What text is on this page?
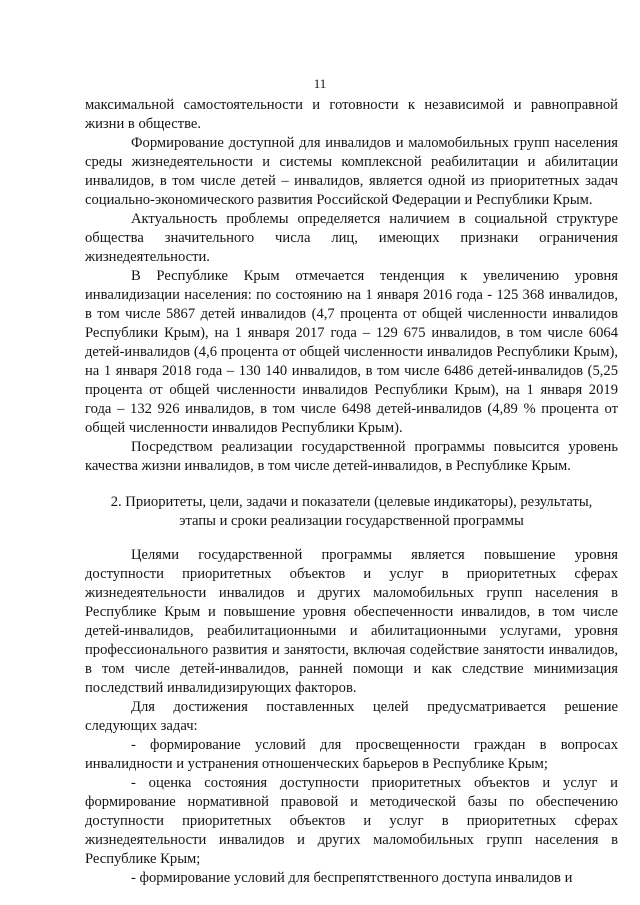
11

максимальной самостоятельности и готовности к независимой и равноправной жизни в обществе.

Формирование доступной для инвалидов и маломобильных групп населения среды жизнедеятельности и системы комплексной реабилитации и абилитации инвалидов, в том числе детей – инвалидов, является одной из приоритетных задач социально-экономического развития Российской Федерации и Республики Крым.

Актуальность проблемы определяется наличием в социальной структуре общества значительного числа лиц, имеющих признаки ограничения жизнедеятельности.

В Республике Крым отмечается тенденция к увеличению уровня инвалидизации населения: по состоянию на 1 января 2016 года - 125 368 инвалидов, в том числе 5867 детей инвалидов (4,7 процента от общей численности инвалидов Республики Крым), на 1 января 2017 года – 129 675 инвалидов, в том числе 6064 детей-инвалидов (4,6 процента от общей численности инвалидов Республики Крым), на 1 января 2018 года – 130 140 инвалидов, в том числе 6486 детей-инвалидов (5,25 процента от общей численности инвалидов Республики Крым), на 1 января 2019 года – 132 926 инвалидов, в том числе 6498 детей-инвалидов (4,89 % процента от общей численности инвалидов Республики Крым).

Посредством реализации государственной программы повысится уровень качества жизни инвалидов, в том числе детей-инвалидов, в Республике Крым.

2. Приоритеты, цели, задачи и показатели (целевые индикаторы), результаты,
этапы и сроки реализации государственной программы

Целями государственной программы является повышение уровня доступности приоритетных объектов и услуг в приоритетных сферах жизнедеятельности инвалидов и других маломобильных групп населения в Республике Крым и повышение уровня обеспеченности инвалидов, в том числе детей-инвалидов, реабилитационными и абилитационными услугами, уровня профессионального развития и занятости, включая содействие занятости инвалидов, в том числе детей-инвалидов, ранней помощи и как следствие минимизация последствий инвалидизирующих факторов.

Для достижения поставленных целей предусматривается решение следующих задач:

- формирование условий для просвещенности граждан в вопросах инвалидности и устранения отношенческих барьеров в Республике Крым;

- оценка состояния доступности приоритетных объектов и услуг и формирование нормативной правовой и методической базы по обеспечению доступности приоритетных объектов и услуг в приоритетных сферах жизнедеятельности инвалидов и других маломобильных групп населения в Республике Крым;

- формирование условий для беспрепятственного доступа инвалидов и
